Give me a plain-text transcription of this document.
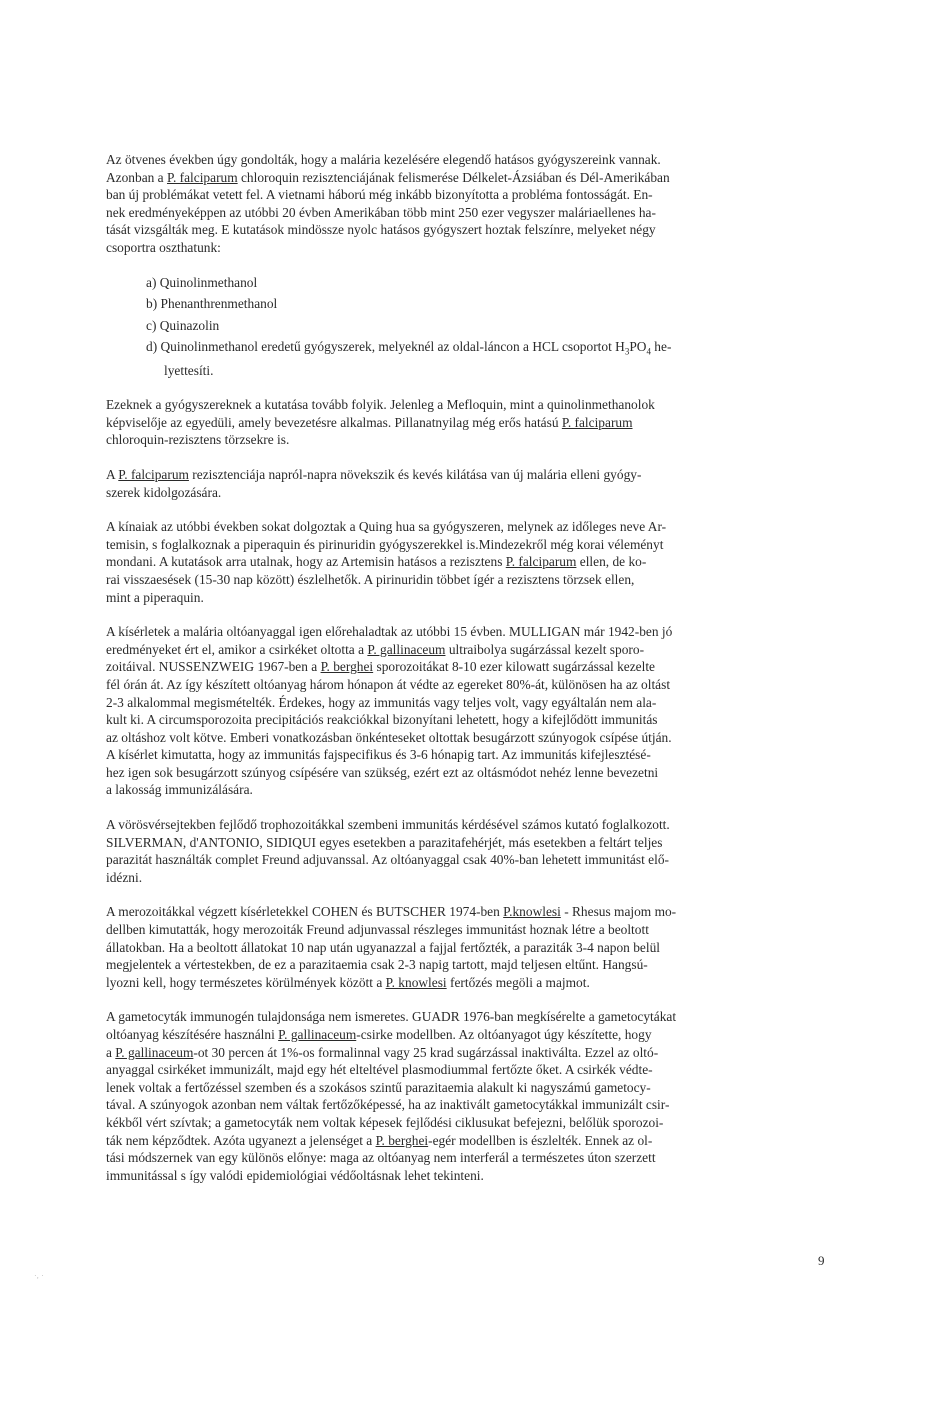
Az ötvenes években úgy gondolták, hogy a malária kezelésére elegendő hatásos gyógyszereink vannak.
Azonban a P. falciparum chloroquin rezisztenciájának felismerése Délkelet-Ázsiában és Dél-Amerikában
ban új problémákat vetett fel. A vietnami háború még inkább bizonyította a probléma fontosságát. En-
nek eredményeképpen az utóbbi 20 évben Amerikában több mint 250 ezer vegyszer maláriaellenes ha-
tását vizsgálták meg. E kutatások mindössze nyolc hatásos gyógyszert hoztak felszínre, melyeket négy
csoportra oszthatunk:
a) Quinolinmethanol
b) Phenanthrenmethanol
c) Quinazolin
d) Quinolinmethanol eredetű gyógyszerek, melyeknél az oldal-láncon a HCL csoportot $H_3PO_4$ he-
lyettesíti.
Ezeknek a gyógyszereknek a kutatása tovább folyik. Jelenleg a Mefloquin, mint a quinolinmethanolok
képviselője az egyedüli, amely bevezetésre alkalmas. Pillanatnyilag még erős hatású P. falciparum
chloroquin-rezisztens törzsekre is.
A P. falciparum rezisztenciája napról-napra növekszik és kevés kilátása van új malária elleni gyógy-
szerek kidolgozására.
A kínaiak az utóbbi években sokat dolgoztak a Quing hua sa gyógyszeren, melynek az időleges neve Ar-
temisin, s foglalkoznak a piperaquin és pirinuridin gyógyszerekkel is.Mindezekről még korai véleményt
mondani. A kutatások arra utalnak, hogy az Artemisin hatásos a rezisztens P. falciparum ellen, de ko-
rai visszaesések (15-30 nap között) észlelhetők. A pirinuridin többet ígér a rezisztens törzsek ellen,
mint a piperaquin.
A kísérletek a malária oltóanyaggal igen előrehaladtak az utóbbi 15 évben. MULLIGAN már 1942-ben jó
eredményeket ért el, amikor a csirkéket oltotta a P. gallinaceum ultraibolya sugárzással kezelt sporo-
zoitáival. NUSSENZWEIG 1967-ben a P. berghei sporozoitákat 8-10 ezer kilowatt sugárzással kezelte
fél órán át. Az így készített oltóanyag három hónapon át védte az egereket 80%-át, különösen ha az oltást
2-3 alkalommal megismételték. Érdekes, hogy az immunitás vagy teljes volt, vagy egyáltalán nem ala-
kult ki. A circumsporozoita precipitációs reakciókkal bizonyítani lehetett, hogy a kifejlődött immunitás
az oltáshoz volt kötve. Emberi vonatkozásban önkénteseket oltottak besugárzott szúnyogok csípése útján.
A kísérlet kimutatta, hogy az immunitás fajspecifikus és 3-6 hónapig tart. Az immunitás kifejlesztésé-
hez igen sok besugárzott szúnyog csípésére van szükség, ezért ezt az oltásmódot nehéz lenne bevezetni
a lakosság immunizálására.
A vörösvérsejtekben fejlődő trophozoitákkal szembeni immunitás kérdésével számos kutató foglalkozott.
SILVERMAN, d'ANTONIO, SIDIQUI egyes esetekben a parazitafehérjét, más esetekben a feltárt teljes
parazitát használták complet Freund adjuvanssal. Az oltóanyaggal csak 40%-ban lehetett immunitást elő-
idézni.
A merozoitákkal végzett kísérletekkel COHEN és BUTSCHER 1974-ben P.knowlesi - Rhesus majom mo-
dellben kimutatták, hogy merozoiták Freund adjunvassal részleges immunitást hoznak létre a beoltott
állatokban. Ha a beoltott állatokat 10 nap után ugyanazzal a fajjal fertőzték, a paraziták 3-4 napon belül
megjelentek a vértestekben, de ez a parazitaemia csak 2-3 napig tartott, majd teljesen eltűnt. Hangsú-
lyozni kell, hogy természetes körülmények között a P. knowlesi fertőzés megöli a majmot.
A gametocyták immunogén tulajdonsága nem ismeretes. GUADR 1976-ban megkísérelte a gametocytákat
oltóanyag készítésére használni P. gallinaceum-csirke modellben. Az oltóanyagot úgy készítette, hogy
a P. gallinaceum-ot 30 percen át 1%-os formalinnal vagy 25 krad sugárzással inaktiválta. Ezzel az oltó-
anyaggal csirkéket immunizált, majd egy hét elteltével plasmodiummal fertőzte őket. A csirkék védte-
lenek voltak a fertőzéssel szemben és a szokásos szintű parazitaemia alakult ki nagyszámú gametocy-
tával. A szúnyogok azonban nem váltak fertőzőképessé, ha az inaktivált gametocytákkal immunizált csir-
kékből vért szívtak; a gametocyták nem voltak képesek fejlődési ciklusukat befejezni, belőlük sporozoi-
ták nem képződtek. Azóta ugyanezt a jelenséget a P. berghei-egér modellben is észlelték. Ennek az ol-
tási módszernek van egy különös előnye: maga az oltóanyag nem interferál a természetes úton szerzett
immunitással s így valódi epidemiológiai védőoltásnak lehet tekinteni.
9
·, ·
